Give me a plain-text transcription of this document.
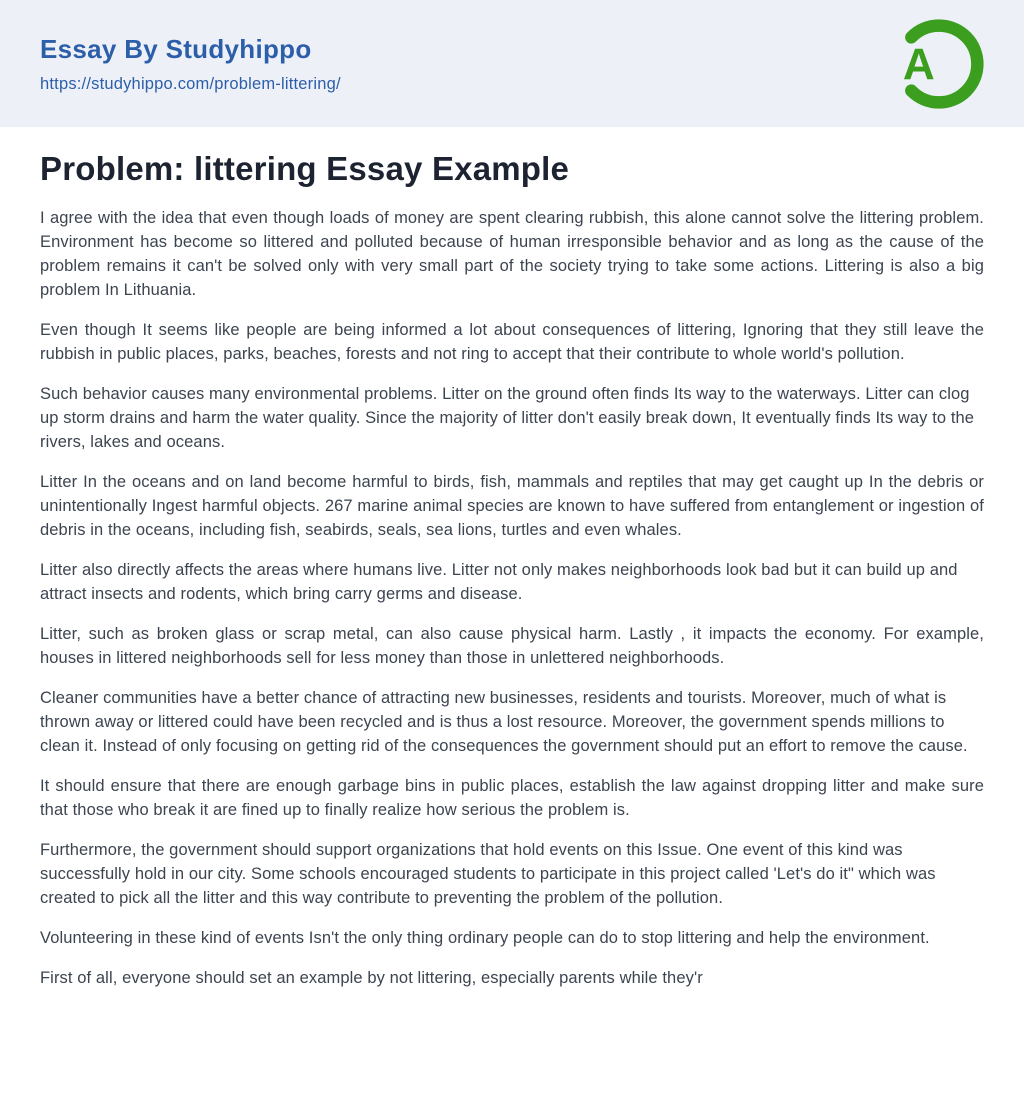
Essay By Studyhippo
https://studyhippo.com/problem-littering/	A
Problem: littering Essay Example

I agree with the idea that even though loads of money are spent clearing rubbish, this alone cannot solve the littering problem. Environment has become so littered and polluted because of human irresponsible behavior and as long as the cause of the problem remains it can't be solved only with very small part of the society trying to take some actions. Littering is also a big problem In Lithuania.

Even though It seems like people are being informed a lot about consequences of littering, Ignoring that they still leave the rubbish in public places, parks, beaches, forests and not ring to accept that their contribute to whole world's pollution.

Such behavior causes many environmental problems. Litter on the ground often finds Its way to the waterways. Litter can clog up storm drains and harm the water quality. Since the majority of litter don't easily break down, It eventually finds Its way to the rivers, lakes and oceans.

Litter In the oceans and on land become harmful to birds, fish, mammals and reptiles that may get caught up In the debris or unintentionally Ingest harmful objects. 267 marine animal species are known to have suffered from entanglement or ingestion of debris in the oceans, including fish, seabirds, seals, sea lions, turtles and even whales.

Litter also directly affects the areas where humans live. Litter not only makes neighborhoods look bad but it can build up and attract insects and rodents, which bring carry germs and disease.

Litter, such as broken glass or scrap metal, can also cause physical harm. Lastly , it impacts the economy. For example, houses in littered neighborhoods sell for less money than those in unlettered neighborhoods.

Cleaner communities have a better chance of attracting new businesses, residents and tourists. Moreover, much of what is thrown away or littered could have been recycled and is thus a lost resource. Moreover, the government spends millions to clean it. Instead of only focusing on getting rid of the consequences the government should put an effort to remove the cause.

It should ensure that there are enough garbage bins in public places, establish the law against dropping litter and make sure that those who break it are fined up to finally realize how serious the problem is.

Furthermore, the government should support organizations that hold events on this Issue. One event of this kind was successfully hold in our city. Some schools encouraged students to participate in this project called 'Let's do it" which was created to pick all the litter and this way contribute to preventing the problem of the pollution.

Volunteering in these kind of events Isn't the only thing ordinary people can do to stop littering and help the environment.

First of all, everyone should set an example by not littering, especially parents while they'r
